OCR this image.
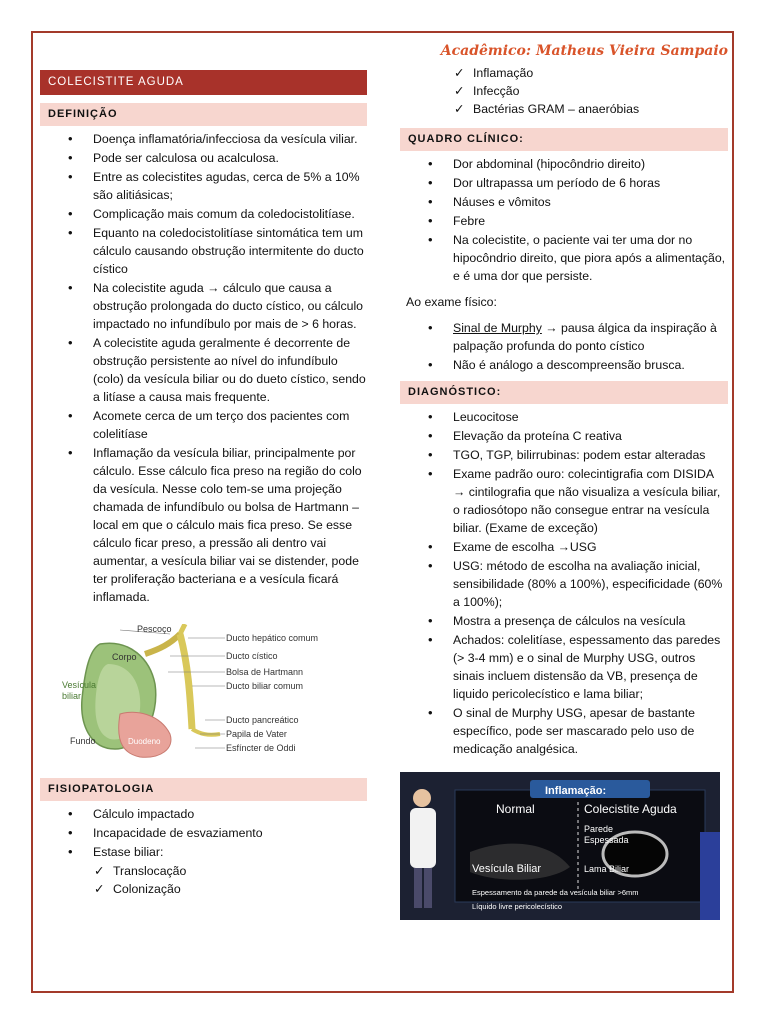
COLECISTITE AGUDA
DEFINIÇÃO
• Doença inflamatória/infecciosa da vesícula viliar.
• Pode ser calculosa ou acalculosa.
• Entre as colecistites agudas, cerca de 5% a 10% são alitiásicas;
• Complicação mais comum da coledocistolitíase.
• Equanto na coledocistolitíase sintomática tem um cálculo causando obstrução intermitente do ducto cístico
• Na colecistite aguda → cálculo que causa a obstrução prolongada do ducto cístico, ou cálculo impactado no infundíbulo por mais de > 6 horas.
• A colecistite aguda geralmente é decorrente de obstrução persistente ao nível do infundíbulo (colo) da vesícula biliar ou do dueto cístico, sendo a litíase a causa mais frequente.
• Acomete cerca de um terço dos pacientes com colelitíase
• Inflamação da vesícula biliar, principalmente por cálculo. Esse cálculo fica preso na região do colo da vesícula. Nesse colo tem-se uma projeção chamada de infundíbulo ou bolsa de Hartmann – local em que o cálculo mais fica preso. Se esse cálculo ficar preso, a pressão ali dentro vai aumentar, a vesícula biliar vai se distender, pode ter proliferação bacteriana e a vesícula ficará inflamada.
Pescoço
Corpo
Vesícula biliar
Fundo	Duodeno
Ducto hepático comum
Ducto cístico
Bolsa de Hartmann
Ducto biliar comum
Ducto pancreático
Papila de Vater
Esfíncter de Oddi
FISIOPATOLOGIA
• Cálculo impactado
• Incapacidade de esvaziamento
• Estase biliar:
✓ Translocação
✓ Colonização
Acadêmico: Matheus Vieira Sampaio
✓ Inflamação
✓ Infecção
✓ Bactérias GRAM – anaeróbias
QUADRO CLÍNICO:
• Dor abdominal (hipocôndrio direito)
• Dor ultrapassa um período de 6 horas
• Náuses e vômitos
• Febre
• Na colecistite, o paciente vai ter uma dor no hipocôndrio direito, que piora após a alimentação, e é uma dor que persiste.
Ao exame físico:
• Sinal de Murphy → pausa álgica da inspiração à palpação profunda do ponto cístico
• Não é análogo a descompreensão brusca.
DIAGNÓSTICO:
• Leucocitose
• Elevação da proteína C reativa
• TGO, TGP, bilirrubinas: podem estar alteradas
• Exame padrão ouro: colecintigrafia com DISIDA → cintilografia que não visualiza a vesícula biliar, o radiosótopo não consegue entrar na vesícula biliar. (Exame de exceção)
• Exame de escolha →USG
• USG: método de escolha na avaliação inicial, sensibilidade (80% a 100%), especificidade (60% a 100%);
• Mostra a presença de cálculos na vesícula
• Achados: colelitíase, espessamento das paredes (> 3-4 mm) e o sinal de Murphy USG, outros sinais incluem distensão da VB, presença de liquido pericolecístico e lama biliar;
• O sinal de Murphy USG, apesar de bastante específico, pode ser mascarado pelo uso de medicação analgésica.
Inflamação:
Normal	Colecistite Aguda
Parede Espessada
Lama Biliar
Vesícula Biliar
Espessamento da parede da vesícula biliar >6mm
Líquido livre pericolecístico
